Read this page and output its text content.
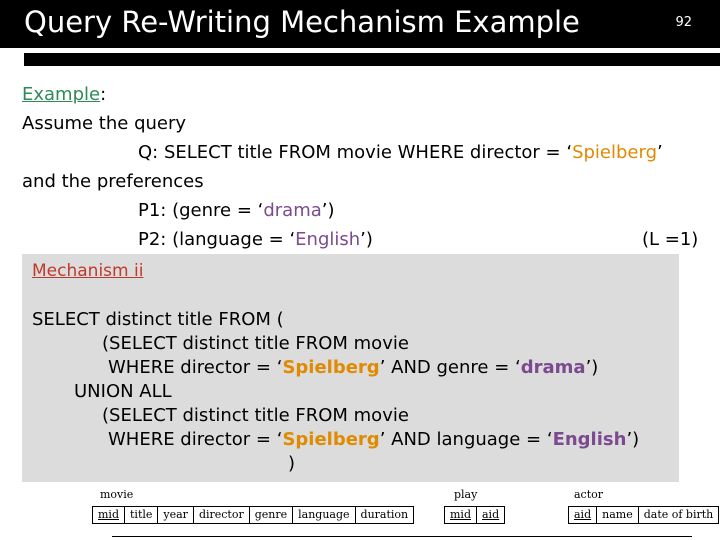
Query Re-Writing Mechanism Example	92
Example:
Assume the query
Q: SELECT title FROM movie WHERE director = ‘Spielberg’
and the preferences
P1: (genre = ‘drama’)
P2: (language = ‘English’)	(L =1)
Mechanism ii
SELECT distinct title FROM (
(SELECT distinct title FROM movie
WHERE director = ‘Spielberg’ AND genre = ‘drama’)
UNION ALL
(SELECT distinct title FROM movie
WHERE director = ‘Spielberg’ AND language = ‘English’)
)
movie
mid	title	year	director	genre	language	duration
play
mid	aid
actor
aid	name	date of birth
